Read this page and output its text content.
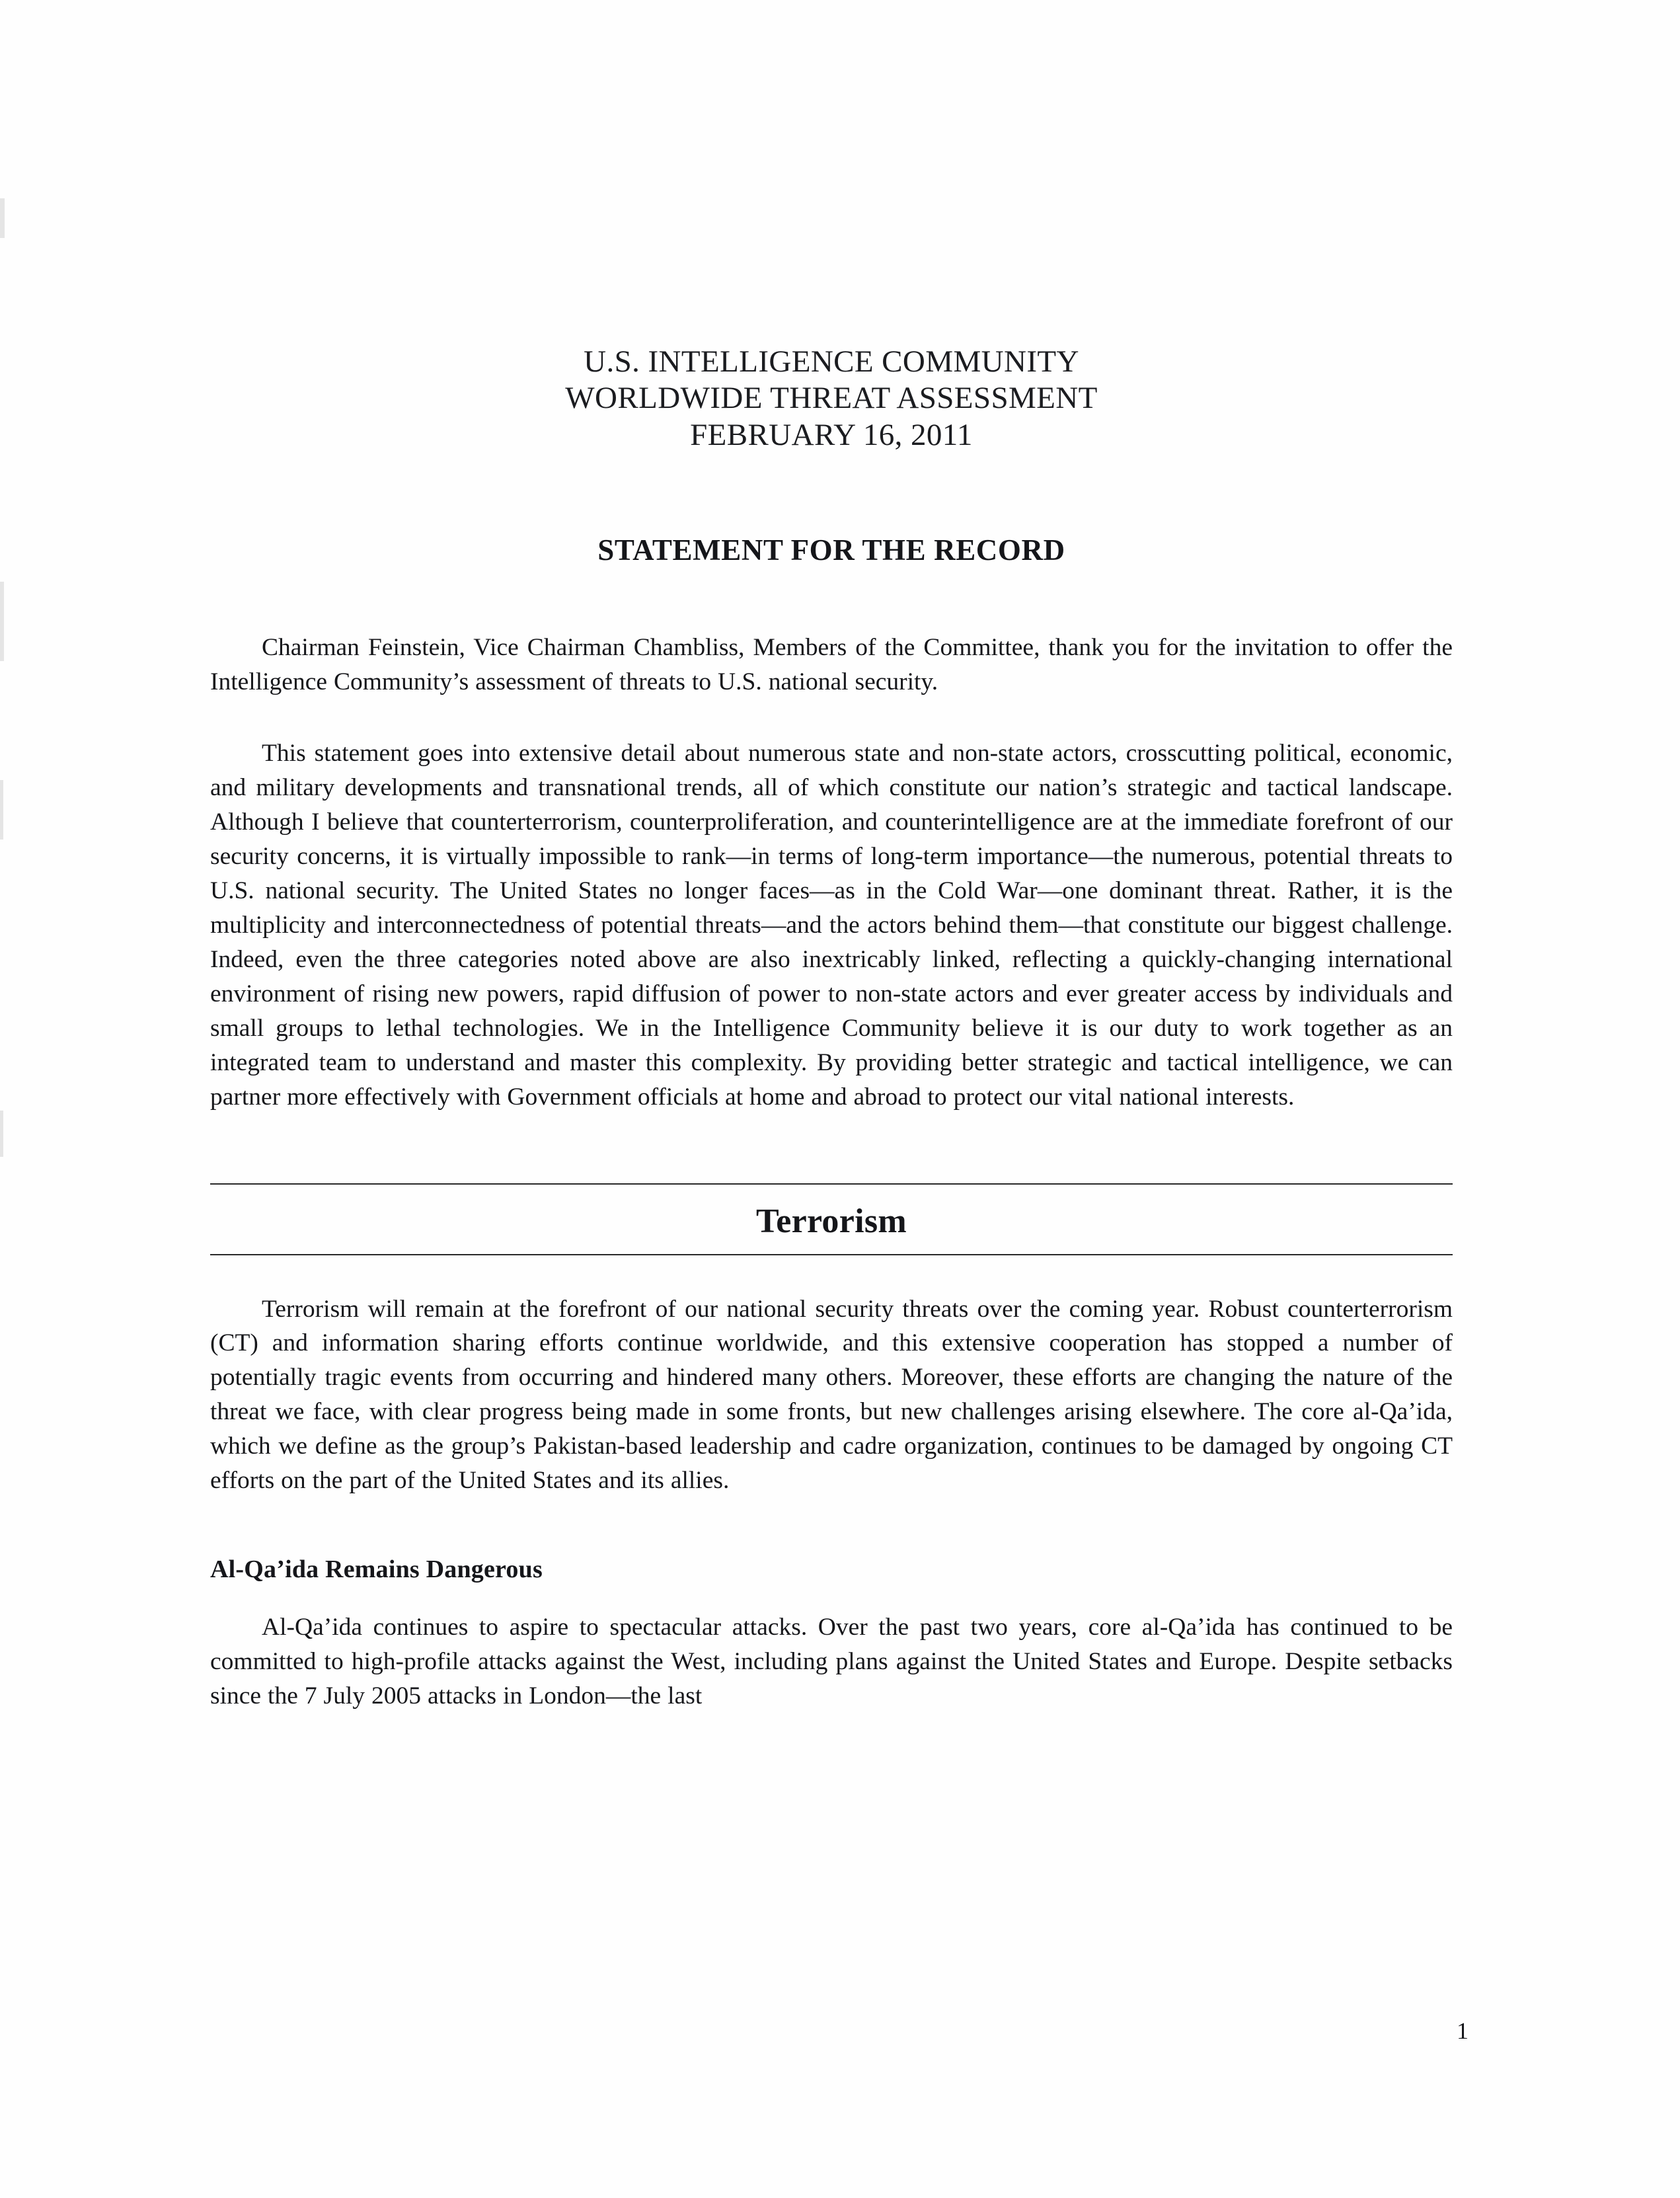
U.S. INTELLIGENCE COMMUNITY
WORLDWIDE THREAT ASSESSMENT
FEBRUARY 16, 2011
STATEMENT FOR THE RECORD

Chairman Feinstein, Vice Chairman Chambliss, Members of the Committee, thank you for the invitation to offer the Intelligence Community’s assessment of threats to U.S. national security.

This statement goes into extensive detail about numerous state and non-state actors, crosscutting political, economic, and military developments and transnational trends, all of which constitute our nation’s strategic and tactical landscape. Although I believe that counterterrorism, counterproliferation, and counterintelligence are at the immediate forefront of our security concerns, it is virtually impossible to rank—in terms of long-term importance—the numerous, potential threats to U.S. national security. The United States no longer faces—as in the Cold War—one dominant threat. Rather, it is the multiplicity and interconnectedness of potential threats—and the actors behind them—that constitute our biggest challenge. Indeed, even the three categories noted above are also inextricably linked, reflecting a quickly-changing international environment of rising new powers, rapid diffusion of power to non-state actors and ever greater access by individuals and small groups to lethal technologies. We in the Intelligence Community believe it is our duty to work together as an integrated team to understand and master this complexity. By providing better strategic and tactical intelligence, we can partner more effectively with Government officials at home and abroad to protect our vital national interests.

Terrorism

Terrorism will remain at the forefront of our national security threats over the coming year. Robust counterterrorism (CT) and information sharing efforts continue worldwide, and this extensive cooperation has stopped a number of potentially tragic events from occurring and hindered many others. Moreover, these efforts are changing the nature of the threat we face, with clear progress being made in some fronts, but new challenges arising elsewhere. The core al-Qa’ida, which we define as the group’s Pakistan-based leadership and cadre organization, continues to be damaged by ongoing CT efforts on the part of the United States and its allies.

Al-Qa’ida Remains Dangerous

Al-Qa’ida continues to aspire to spectacular attacks. Over the past two years, core al-Qa’ida has continued to be committed to high-profile attacks against the West, including plans against the United States and Europe. Despite setbacks since the 7 July 2005 attacks in London—the last

1
